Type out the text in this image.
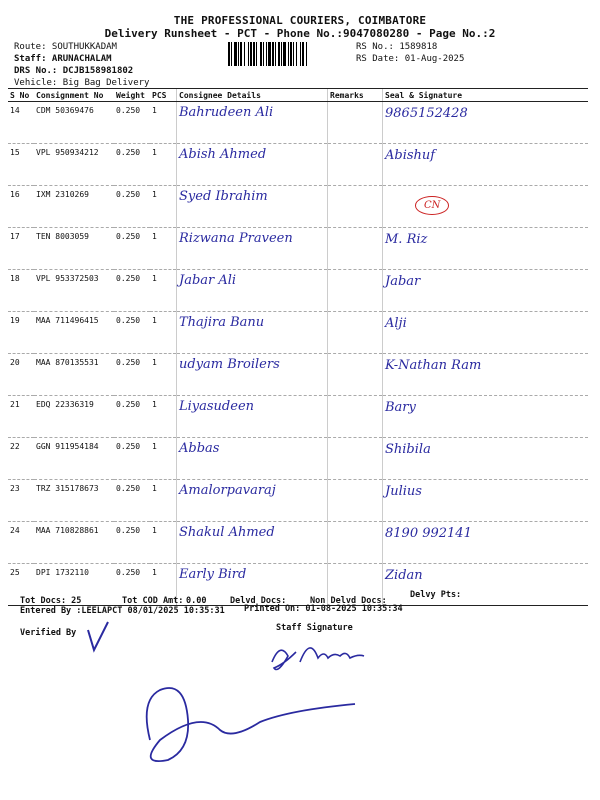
THE PROFESSIONAL COURIERS, COIMBATORE
Delivery Runsheet - PCT - Phone No.:9047080280 - Page No.:2
Route: SOUTHUKKADAM
Staff: ARUNACHALAM
DRS No.: DCJB158981802
Vehicle: Big Bag Delivery
RS No.: 1589818
RS Date: 01-Aug-2025
S No	Consignment No	Weight	PCS	Consignee Details	Remarks	Seal & Signature
14	CDM 50369476	0.250	1	Bahrudeen Ali		9865152428
15	VPL 950934212	0.250	1	Abish Ahmed		Abishuf
16	IXM 2310269	0.250	1	Syed Ibrahim		CN
17	TEN 8003059	0.250	1	Rizwana Praveen		M. Riz
18	VPL 953372503	0.250	1	Jabar Ali		Jabar
19	MAA 711496415	0.250	1	Thajira Banu		Alji
20	MAA 870135531	0.250	1	udyam Broilers		K-Nathan Ram
21	EDQ 22336319	0.250	1	Liyasudeen		Bary
22	GGN 911954184	0.250	1	Abbas		Shibila
23	TRZ 315178673	0.250	1	Amalorpavaraj		Julius
24	MAA 710828861	0.250	1	Shakul Ahmed		8190 992141
25	DPI 1732110	0.250	1	Early Bird		Zidan
Tot Docs: 25	Tot COD Amt: 0.00	Delvd Docs:	Non Delvd Docs:
Delvy Pts:
Entered By :LEELAPCT 08/01/2025 10:35:31 Printed On: 01-08-2025 10:35:34
Staff Signature
Verified By
